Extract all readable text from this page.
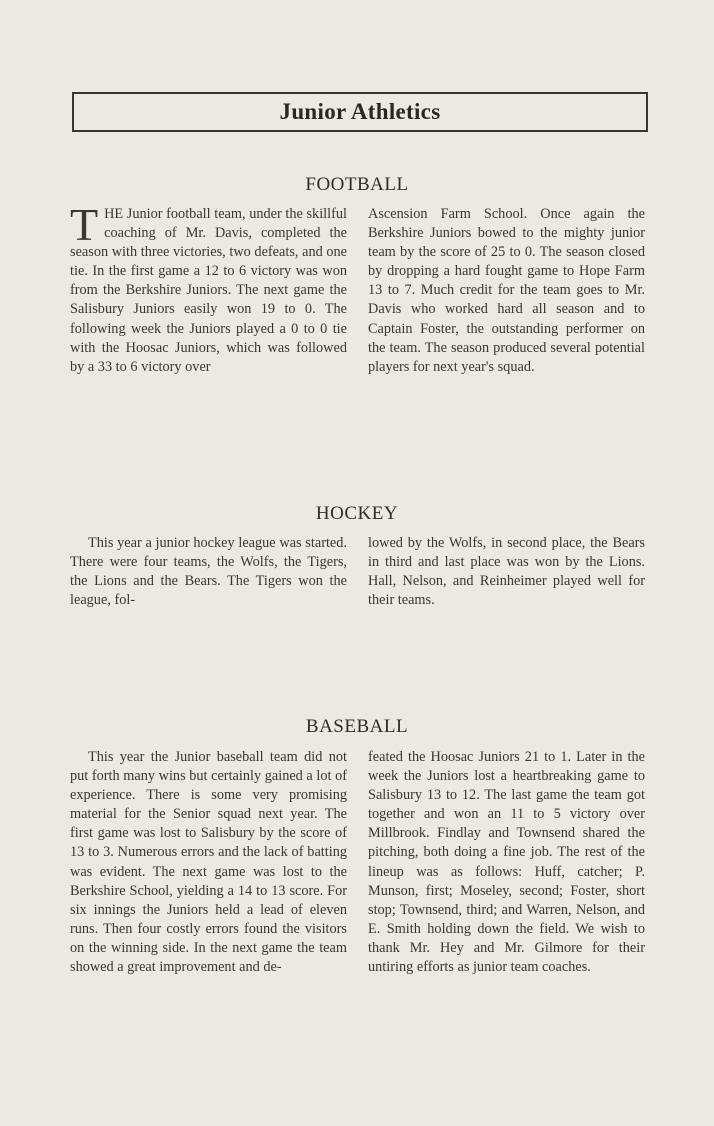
Junior Athletics
FOOTBALL

THE Junior football team, under the skillful coaching of Mr. Davis, completed the season with three victories, two defeats, and one tie. In the first game a 12 to 6 victory was won from the Berkshire Juniors. The next game the Salisbury Juniors easily won 19 to 0. The following week the Juniors played a 0 to 0 tie with the Hoosac Juniors, which was followed by a 33 to 6 victory over

Ascension Farm School. Once again the Berkshire Juniors bowed to the mighty junior team by the score of 25 to 0. The season closed by dropping a hard fought game to Hope Farm 13 to 7. Much credit for the team goes to Mr. Davis who worked hard all season and to Captain Foster, the outstanding performer on the team. The season produced several potential players for next year's squad.

HOCKEY

This year a junior hockey league was started. There were four teams, the Wolfs, the Tigers, the Lions and the Bears. The Tigers won the league, fol-

lowed by the Wolfs, in second place, the Bears in third and last place was won by the Lions. Hall, Nelson, and Reinheimer played well for their teams.

BASEBALL

This year the Junior baseball team did not put forth many wins but certainly gained a lot of experience. There is some very promising material for the Senior squad next year. The first game was lost to Salisbury by the score of 13 to 3. Numerous errors and the lack of batting was evident. The next game was lost to the Berkshire School, yielding a 14 to 13 score. For six innings the Juniors held a lead of eleven runs. Then four costly errors found the visitors on the winning side. In the next game the team showed a great improvement and de-

feated the Hoosac Juniors 21 to 1. Later in the week the Juniors lost a heartbreaking game to Salisbury 13 to 12. The last game the team got together and won an 11 to 5 victory over Millbrook. Findlay and Townsend shared the pitching, both doing a fine job. The rest of the lineup was as follows: Huff, catcher; P. Munson, first; Moseley, second; Foster, short stop; Townsend, third; and Warren, Nelson, and E. Smith holding down the field. We wish to thank Mr. Hey and Mr. Gilmore for their untiring efforts as junior team coaches.
